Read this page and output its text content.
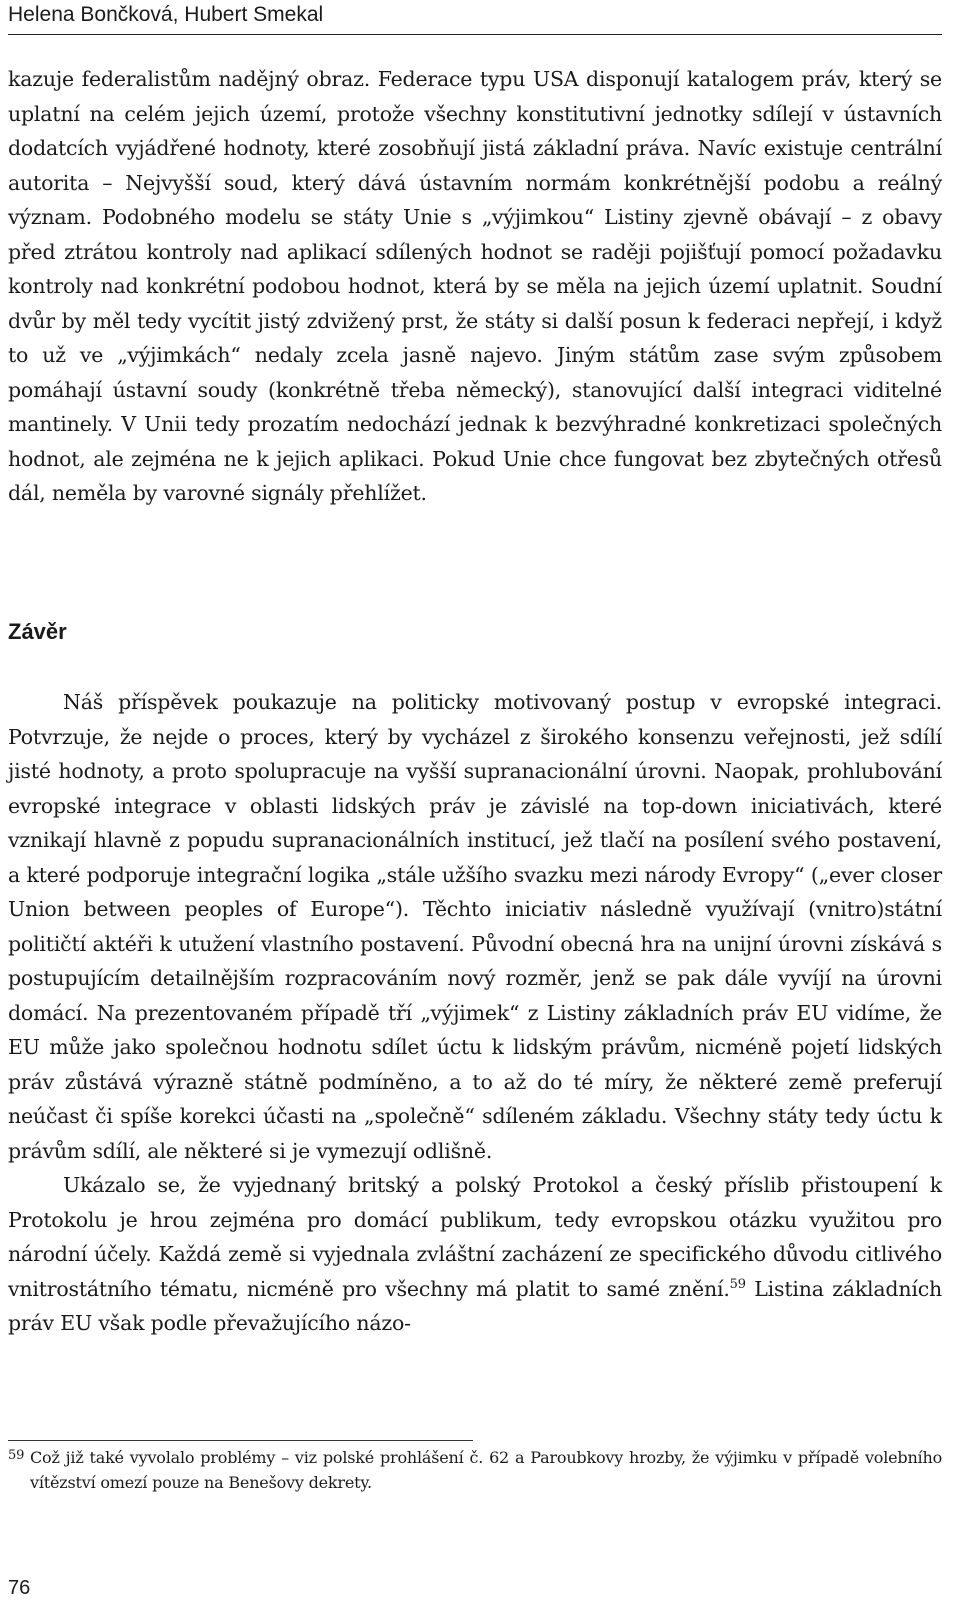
Helena Bončková, Hubert Smekal

kazuje federalistům nadějný obraz. Federace typu USA disponují katalogem práv, který se uplatní na celém jejich území, protože všechny konstitutivní jednotky sdílejí v ústavních dodatcích vyjádřené hodnoty, které zosobňují jistá základní práva. Navíc existuje centrální autorita – Nejvyšší soud, který dává ústavním normám konkrétnější podobu a reálný význam. Podobného modelu se státy Unie s „výjimkou“ Listiny zjevně obávají – z obavy před ztrátou kontroly nad aplikací sdílených hodnot se raději pojišťují pomocí požadavku kontroly nad konkrétní podobou hodnot, která by se měla na jejich území uplatnit. Soudní dvůr by měl tedy vycítit jistý zdvižený prst, že státy si další posun k federaci nepřejí, i když to už ve „výjimkách“ nedaly zcela jasně najevo. Jiným státům zase svým způsobem pomáhají ústavní soudy (konkrétně třeba německý), stanovující další integraci viditelné mantinely. V Unii tedy prozatím nedochází jednak k bezvýhradné konkretizaci společných hodnot, ale zejména ne k jejich aplikaci. Pokud Unie chce fungovat bez zbytečných otřesů dál, neměla by varovné signály přehlížet.

Závěr

Náš příspěvek poukazuje na politicky motivovaný postup v evropské integraci. Potvrzuje, že nejde o proces, který by vycházel z širokého konsenzu veřejnosti, jež sdílí jisté hodnoty, a proto spolupracuje na vyšší supranacionální úrovni. Naopak, prohlubování evropské integrace v oblasti lidských práv je závislé na top-down iniciativách, které vznikají hlavně z popudu supranacionálních institucí, jež tlačí na posílení svého postavení, a které podporuje integrační logika „stále užšího svazku mezi národy Evropy“ („ever closer Union between peoples of Europe“). Těchto iniciativ následně využívají (vnitro)státní političtí aktéři k utužení vlastního postavení. Původní obecná hra na unijní úrovni získává s postupujícím detailnějším rozpracováním nový rozměr, jenž se pak dále vyvíjí na úrovni domácí. Na prezentovaném případě tří „výjimek“ z Listiny základních práv EU vidíme, že EU může jako společnou hodnotu sdílet úctu k lidským právům, nicméně pojetí lidských práv zůstává výrazně státně podmíněno, a to až do té míry, že některé země preferují neúčast či spíše korekci účasti na „společně“ sdíleném základu. Všechny státy tedy úctu k právům sdílí, ale některé si je vymezují odlišně.

Ukázalo se, že vyjednaný britský a polský Protokol a český příslib přistoupení k Protokolu je hrou zejména pro domácí publikum, tedy evropskou otázku využitou pro národní účely. Každá země si vyjednala zvláštní zacházení ze specifického důvodu citlivého vnitrostátního tématu, nicméně pro všechny má platit to samé znění.$^{59}$ Listina základních práv EU však podle převažujícího názo-

59 Což již také vyvolalo problémy – viz polské prohlášení č. 62 a Paroubkovy hrozby, že výjimku v případě volebního vítězství omezí pouze na Benešovy dekrety.
76
